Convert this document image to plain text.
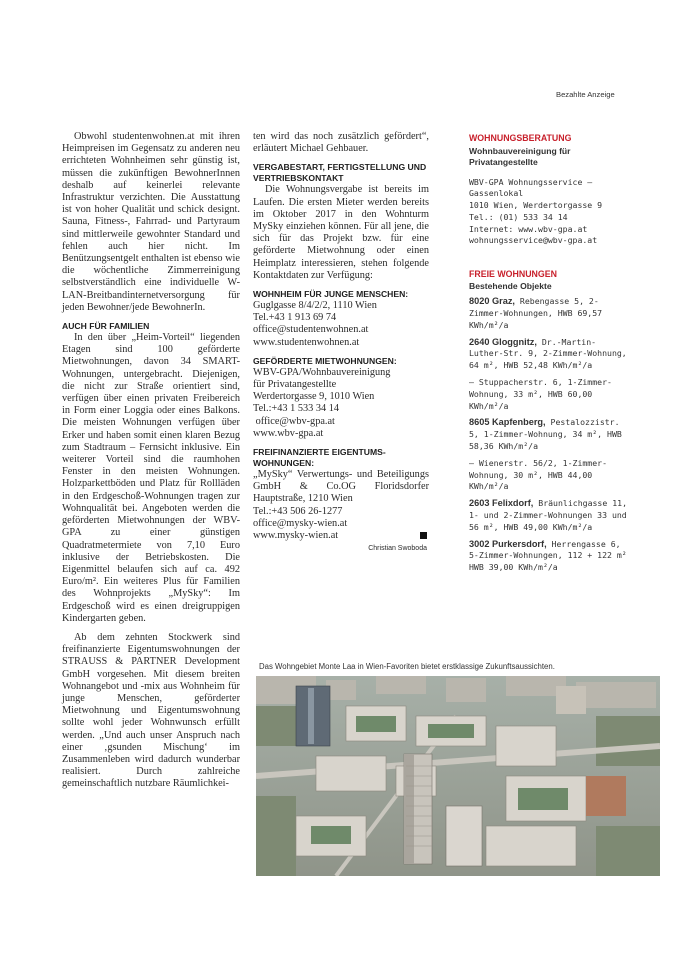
Bezahlte Anzeige

Obwohl studentenwohnen.at mit ihren Heimpreisen im Gegensatz zu anderen neu errichteten Wohnheimen sehr günstig ist, müssen die zukünftigen BewohnerInnen deshalb auf keinerlei relevante Infrastruktur verzichten. Die Ausstattung ist von hoher Qualität und schick designt. Sauna, Fitness-, Fahrrad- und Partyraum sind mittlerweile gewohnter Standard und fehlen auch hier nicht. Im Benützungsentgelt enthalten ist ebenso wie die wöchentliche Zimmerreinigung selbstverständlich eine individuelle W-LAN-Breitbandinternetversorgung für jeden Bewohner/jede BewohnerIn.

AUCH FÜR FAMILIEN

In den über „Heim-Vorteil“ liegenden Etagen sind 100 geförderte Mietwohnungen, davon 34 SMART-Wohnungen, untergebracht. Diejenigen, die nicht zur Straße orientiert sind, verfügen über einen privaten Freibereich in Form einer Loggia oder eines Balkons. Die meisten Wohnungen verfügen über Erker und haben somit einen klaren Bezug zum Stadtraum – Fernsicht inklusive. Ein weiterer Vorteil sind die raumhohen Fenster in den meisten Wohnungen. Holzparkettböden und Platz für Rollläden in den Erdgeschoß-Wohnungen tragen zur Wohnqualität bei. Angeboten werden die geförderten Mietwohnungen der WBV-GPA zu einer günstigen Quadratmetermiete von 7,10 Euro inklusive der Betriebskosten. Die Eigenmittel belaufen sich auf ca. 492 Euro/m². Ein weiteres Plus für Familien des Wohnprojekts „MySky“: Im Erdgeschoß wird es einen dreigruppigen Kindergarten geben.

Ab dem zehnten Stockwerk sind freifinanzierte Eigentumswohnungen der STRAUSS & PARTNER Development GmbH vorgesehen. Mit diesem breiten Wohnangebot und -mix aus Wohnheim für junge Menschen, geförderter Mietwohnung und Eigentumswohnung sollte wohl jeder Wohnwunsch erfüllt werden. „Und auch unser Anspruch nach einer ‚gsunden Mischung‘ im Zusammenleben wird dadurch wunderbar realisiert. Durch zahlreiche gemeinschaftlich nutzbare Räumlichkei-

ten wird das noch zusätzlich gefördert“, erläutert Michael Gehbauer.

VERGABESTART, FERTIGSTELLUNG UND VERTRIEBSKONTAKT

Die Wohnungsvergabe ist bereits im Laufen. Die ersten Mieter werden bereits im Oktober 2017 in den Wohnturm MySky einziehen können. Für all jene, die sich für das Projekt bzw. für eine geförderte Mietwohnung oder einen Heimplatz interessieren, stehen folgende Kontaktdaten zur Verfügung:

WOHNHEIM FÜR JUNGE MENSCHEN:

Guglgasse 8/4/2/2, 1110 Wien

Tel.+43 1 913 69 74

office@studentenwohnen.at

www.studentenwohnen.at

GEFÖRDERTE MIETWOHNUNGEN:

WBV-GPA/Wohnbauvereinigung

für Privatangestellte

Werdertorgasse 9, 1010 Wien

Tel.:+43 1 533 34 14

office@wbv-gpa.at

www.wbv-gpa.at

FREIFINANZIERTE EIGENTUMS-WOHNUNGEN:

„MySky“ Verwertungs- und Beteiligungs GmbH & Co.OG Floridsdorfer Hauptstraße, 1210 Wien

Tel.:+43 506 26-1277

office@mysky-wien.at

www.mysky-wien.at

Christian Swoboda

WOHNUNGSBERATUNG
Wohnbauvereinigung für
Privatangestellte
WBV-GPA Wohnungsservice –
Gassenlokal
1010 Wien, Werdertorgasse 9
Tel.: (01) 533 34 14
Internet: www.wbv-gpa.at
wohnungsservice@wbv-gpa.at
FREIE WOHNUNGEN
Bestehende Objekte
8020 Graz, Rebengasse 5, 2-Zimmer-Wohnungen, HWB 69,57 KWh/m²/a
2640 Gloggnitz, Dr.-Martin-Luther-Str. 9, 2-Zimmer-Wohnung, 64 m², HWB 52,48 KWh/m²/a
– Stuppacherstr. 6, 1-Zimmer-Wohnung, 33 m², HWB 60,00 KWh/m²/a
8605 Kapfenberg, Pestalozzistr. 5, 1-Zimmer-Wohnung, 34 m², HWB 58,36 KWh/m²/a
– Wienerstr. 56/2, 1-Zimmer-Wohnung, 30 m², HWB 44,00 KWh/m²/a
2603 Felixdorf, Bräunlichgasse 11, 1- und 2-Zimmer-Wohnungen 33 und 56 m², HWB 49,00 KWh/m²/a
3002 Purkersdorf, Herrengasse 6, 5-Zimmer-Wohnungen, 112 + 122 m² HWB 39,00 KWh/m²/a
Das Wohngebiet Monte Laa in Wien-Favoriten bietet erstklassige Zukunftsaussichten.
